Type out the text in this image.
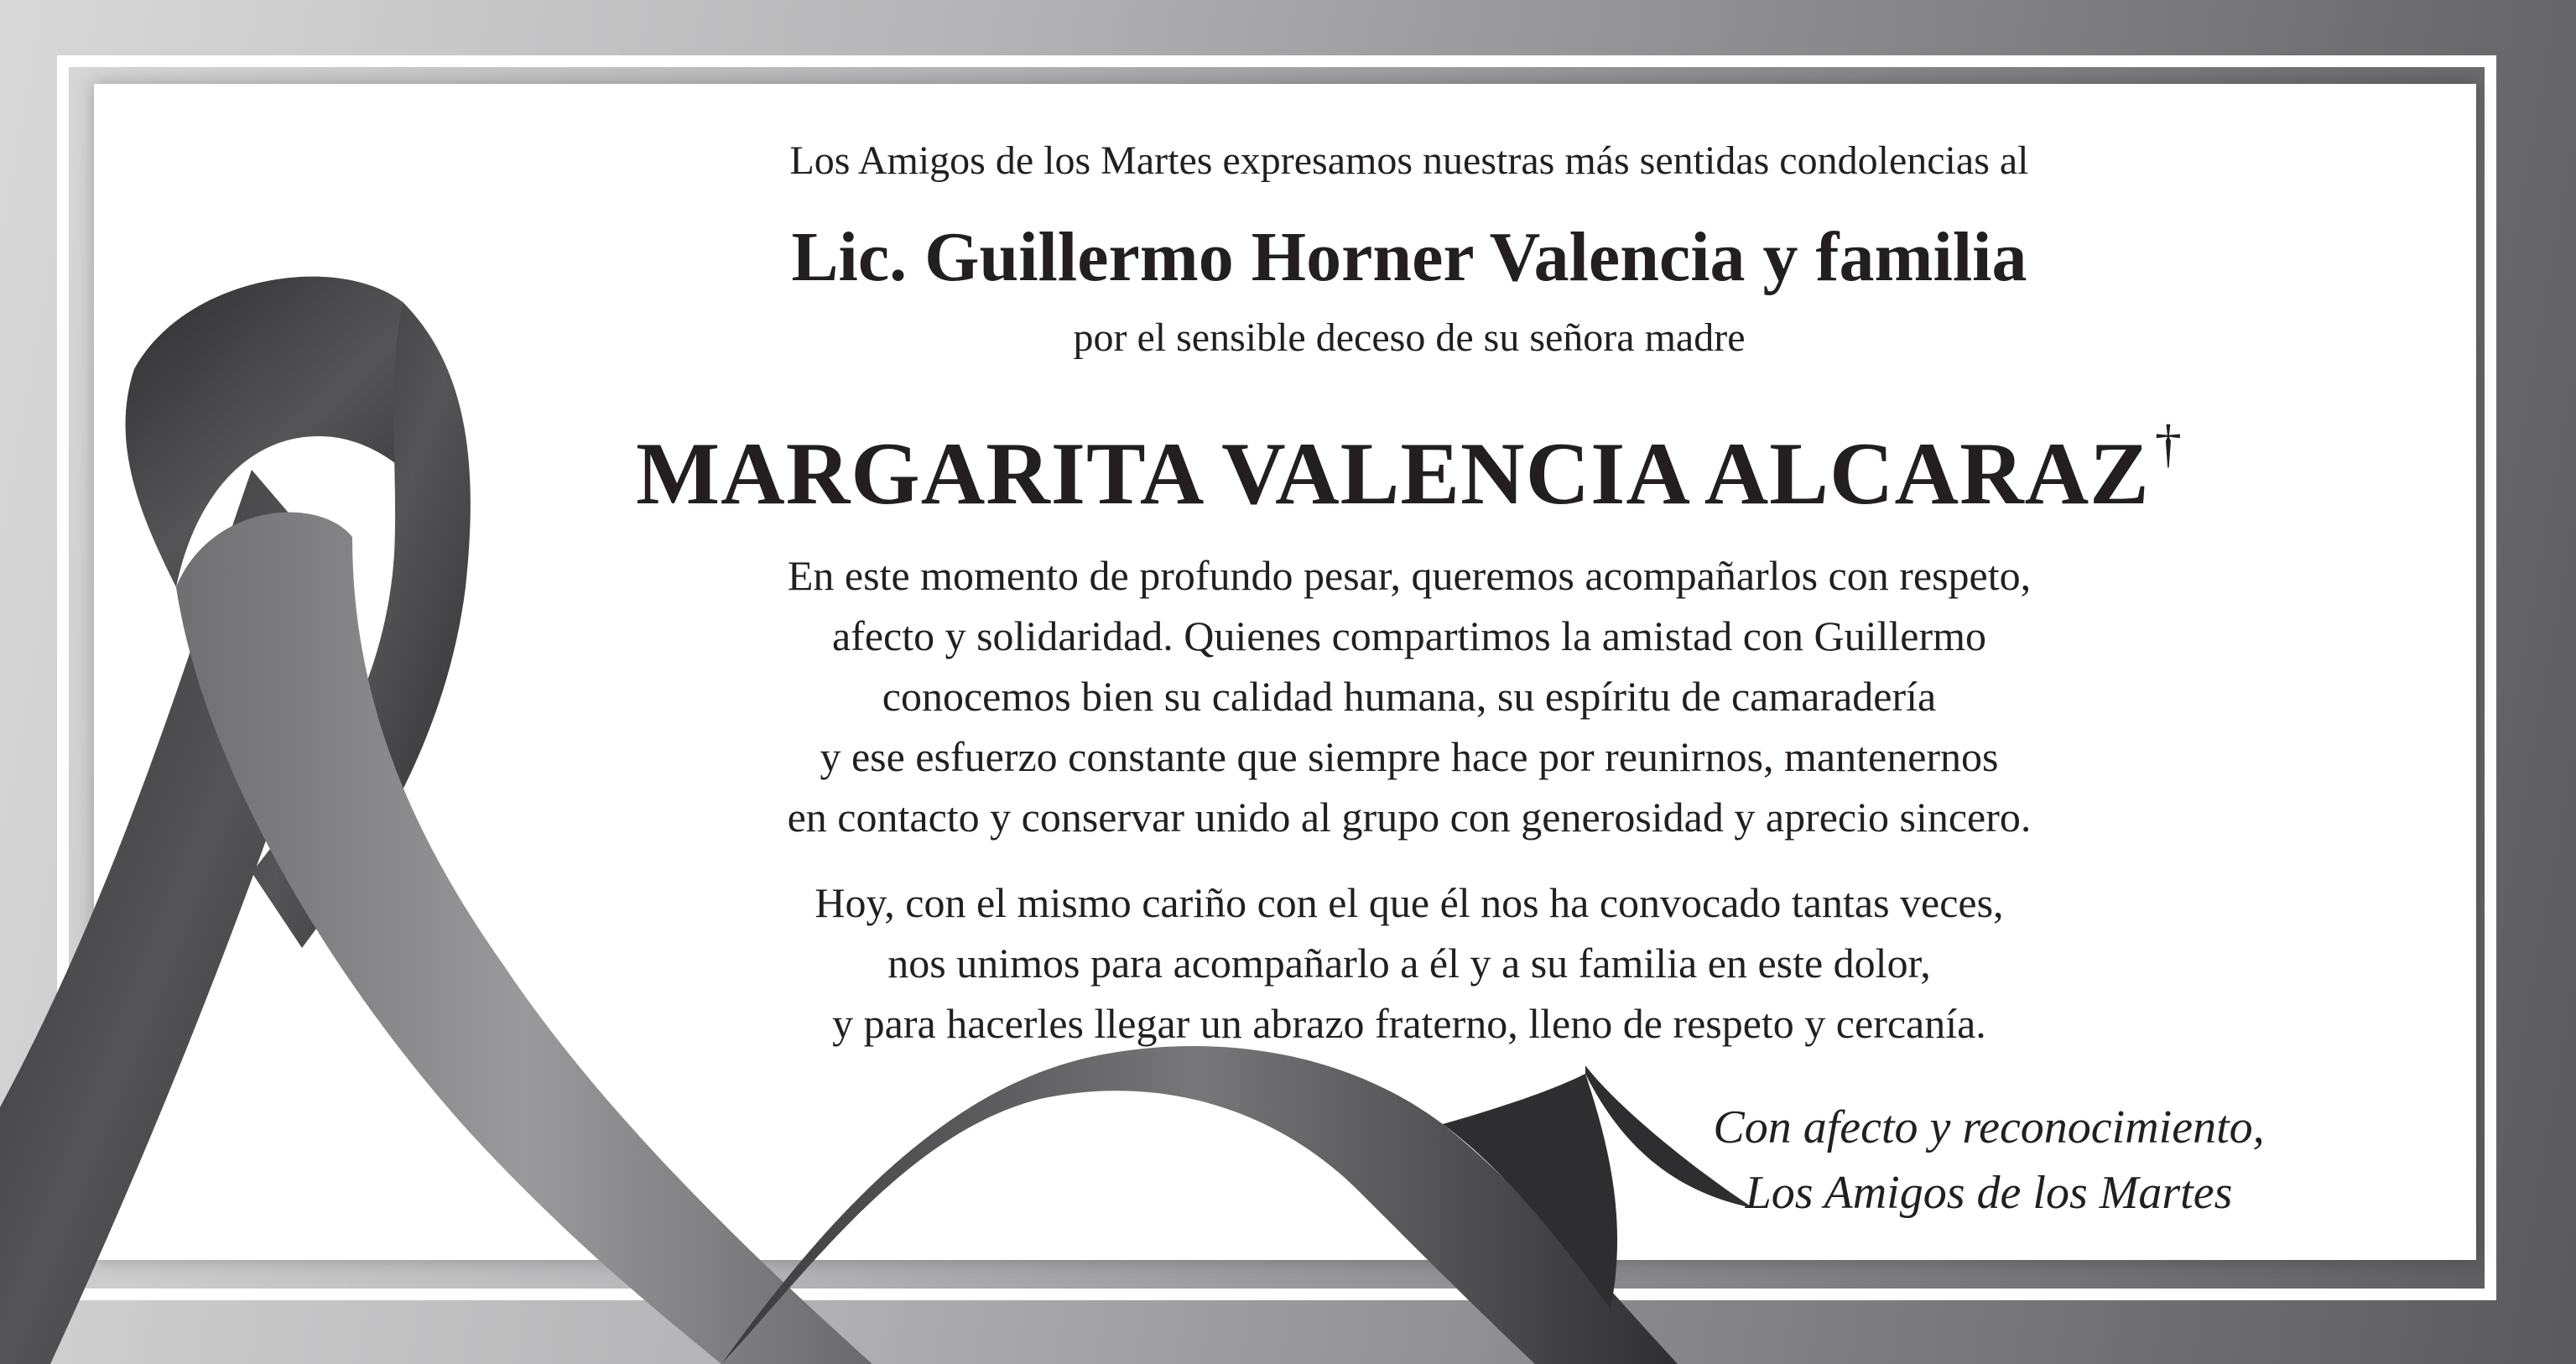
Los Amigos de los Martes expresamos nuestras más sentidas condolencias al

Lic. Guillermo Horner Valencia y familia

por el sensible deceso de su señora madre

MARGARITA VALENCIA ALCARAZ†

En este momento de profundo pesar, queremos acompañarlos con respeto,

afecto y solidaridad. Quienes compartimos la amistad con Guillermo

conocemos bien su calidad humana, su espíritu de camaradería

y ese esfuerzo constante que siempre hace por reunirnos, mantenernos

en contacto y conservar unido al grupo con generosidad y aprecio sincero.

Hoy, con el mismo cariño con el que él nos ha convocado tantas veces,

nos unimos para acompañarlo a él y a su familia en este dolor,

y para hacerles llegar un abrazo fraterno, lleno de respeto y cercanía.

Con afecto y reconocimiento,

Los Amigos de los Martes
